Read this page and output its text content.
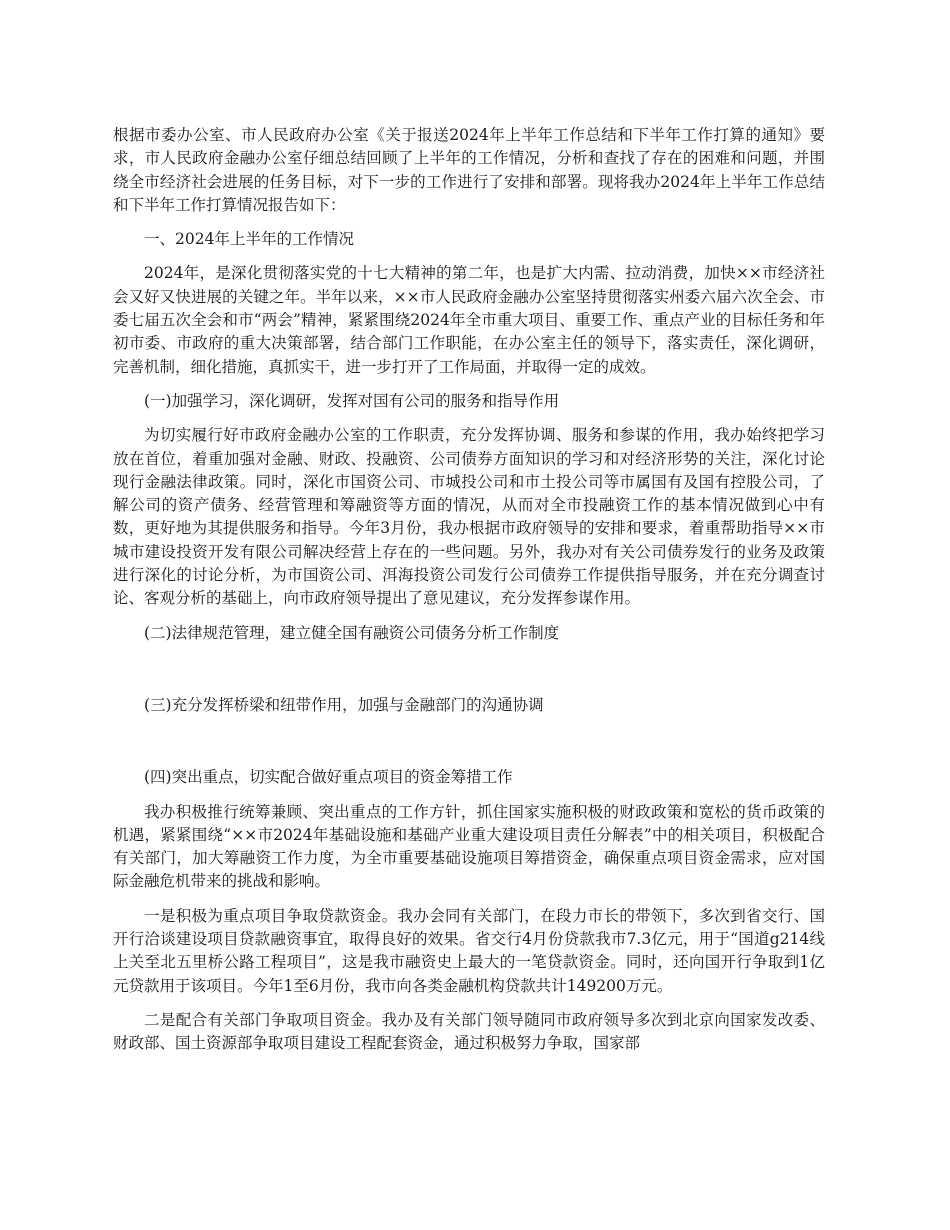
根据市委办公室、市人民政府办公室《关于报送2024年上半年工作总结和下半年工作打算的通知》要求，市人民政府金融办公室仔细总结回顾了上半年的工作情况，分析和查找了存在的困难和问题，并围绕全市经济社会进展的任务目标，对下一步的工作进行了安排和部署。现将我办2024年上半年工作总结和下半年工作打算情况报告如下：

一、2024年上半年的工作情况

2024年，是深化贯彻落实党的十七大精神的第二年，也是扩大内需、拉动消费，加快××市经济社会又好又快进展的关键之年。半年以来，××市人民政府金融办公室坚持贯彻落实州委六届六次全会、市委七届五次全会和市“两会”精神，紧紧围绕2024年全市重大项目、重要工作、重点产业的目标任务和年初市委、市政府的重大决策部署，结合部门工作职能，在办公室主任的领导下，落实责任，深化调研，完善机制，细化措施，真抓实干，进一步打开了工作局面，并取得一定的成效。

(一)加强学习，深化调研，发挥对国有公司的服务和指导作用

为切实履行好市政府金融办公室的工作职责，充分发挥协调、服务和参谋的作用，我办始终把学习放在首位，着重加强对金融、财政、投融资、公司债券方面知识的学习和对经济形势的关注，深化讨论现行金融法律政策。同时，深化市国资公司、市城投公司和市土投公司等市属国有及国有控股公司，了解公司的资产债务、经营管理和筹融资等方面的情况，从而对全市投融资工作的基本情况做到心中有数，更好地为其提供服务和指导。今年3月份，我办根据市政府领导的安排和要求，着重帮助指导××市城市建设投资开发有限公司解决经营上存在的一些问题。另外，我办对有关公司债券发行的业务及政策进行深化的讨论分析，为市国资公司、洱海投资公司发行公司债券工作提供指导服务，并在充分调查讨论、客观分析的基础上，向市政府领导提出了意见建议，充分发挥参谋作用。

(二)法律规范管理，建立健全国有融资公司债务分析工作制度

(三)充分发挥桥梁和纽带作用，加强与金融部门的沟通协调

(四)突出重点，切实配合做好重点项目的资金筹措工作

我办积极推行统筹兼顾、突出重点的工作方针，抓住国家实施积极的财政政策和宽松的货币政策的机遇，紧紧围绕“××市2024年基础设施和基础产业重大建设项目责任分解表”中的相关项目，积极配合有关部门，加大筹融资工作力度，为全市重要基础设施项目筹措资金，确保重点项目资金需求，应对国际金融危机带来的挑战和影响。

一是积极为重点项目争取贷款资金。我办会同有关部门，在段力市长的带领下，多次到省交行、国开行洽谈建设项目贷款融资事宜，取得良好的效果。省交行4月份贷款我市7.3亿元，用于“国道g214线上关至北五里桥公路工程项目”，这是我市融资史上最大的一笔贷款资金。同时，还向国开行争取到1亿元贷款用于该项目。今年1至6月份，我市向各类金融机构贷款共计149200万元。

二是配合有关部门争取项目资金。我办及有关部门领导随同市政府领导多次到北京向国家发改委、财政部、国土资源部争取项目建设工程配套资金，通过积极努力争取，国家部
